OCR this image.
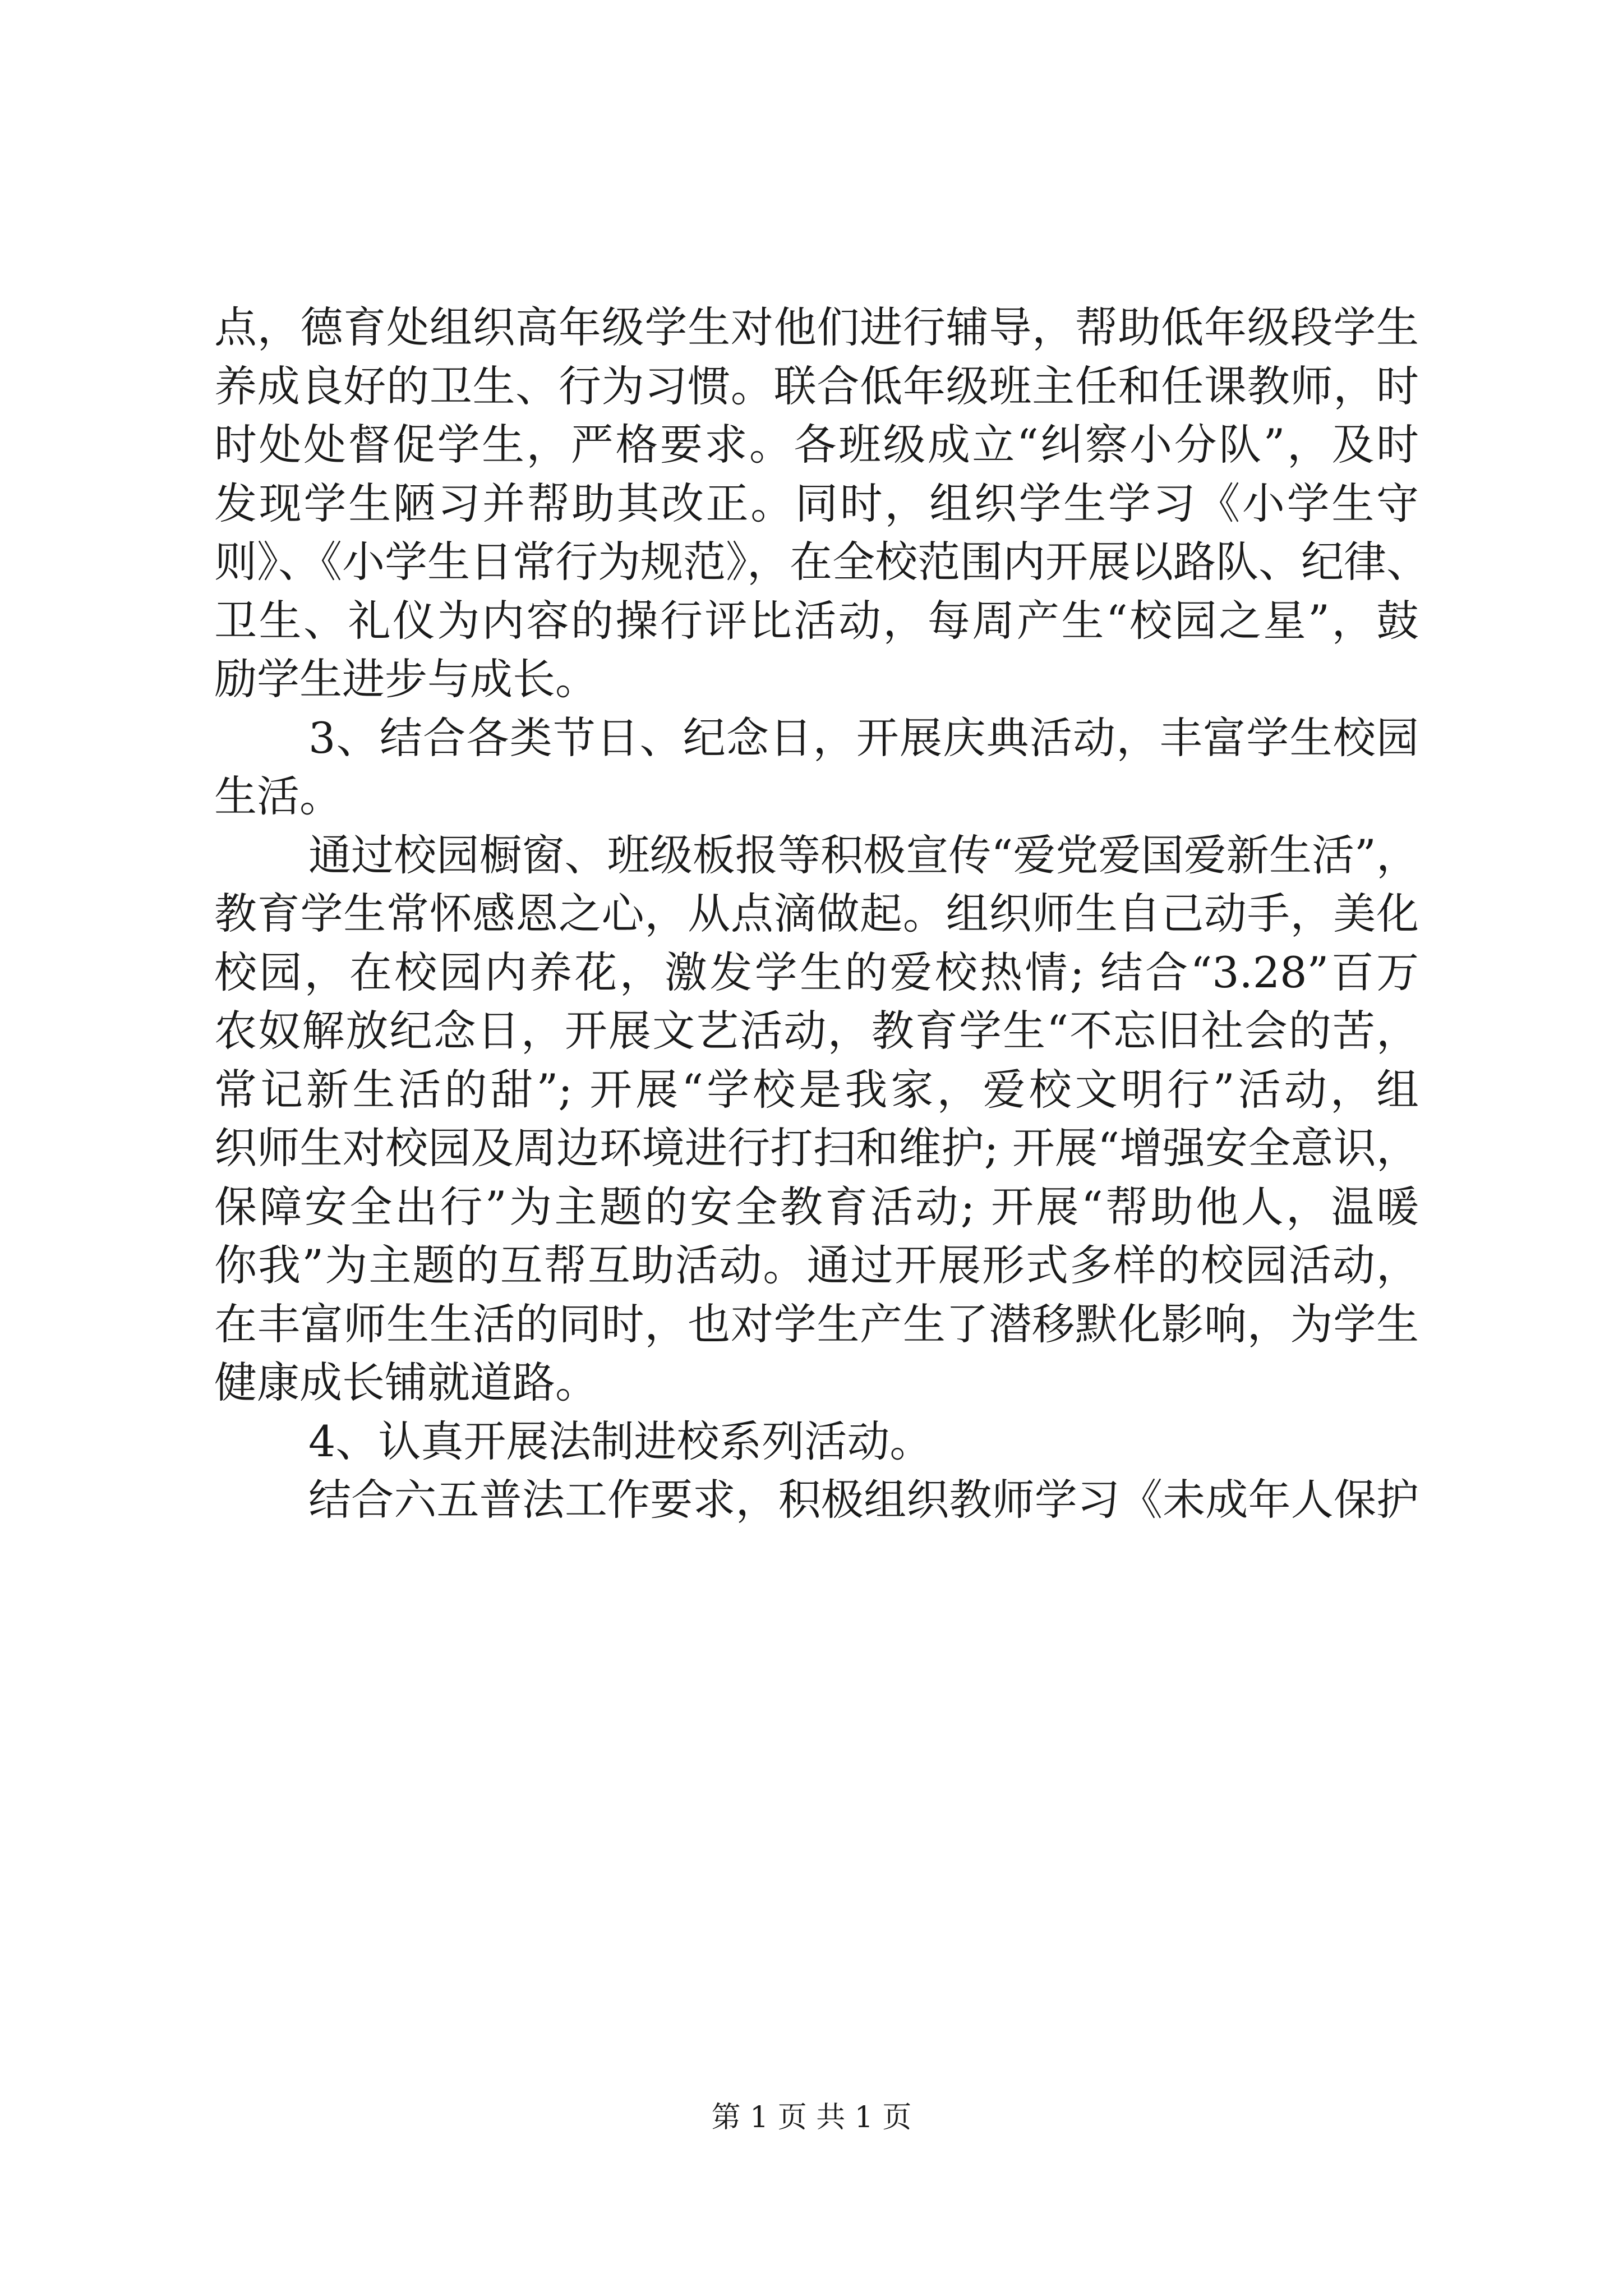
点，德育处组织高年级学生对他们进行辅导，帮助低年级段学生
养成良好的卫生、行为习惯。联合低年级班主任和任课教师，时
时处处督促学生，严格要求。各班级成立“纠察小分队”，及时
发现学生陋习并帮助其改正。同时，组织学生学习《小学生守
则》、《小学生日常行为规范》，在全校范围内开展以路队、纪律、
卫生、礼仪为内容的操行评比活动，每周产生“校园之星”，鼓
励学生进步与成长。
3、结合各类节日、纪念日，开展庆典活动，丰富学生校园
生活。
通过校园橱窗、班级板报等积极宣传“爱党爱国爱新生活”，
教育学生常怀感恩之心，从点滴做起。组织师生自己动手，美化
校园，在校园内养花，激发学生的爱校热情; 结合“3.28”百万
农奴解放纪念日，开展文艺活动，教育学生“不忘旧社会的苦，
常记新生活的甜”; 开展“学校是我家，爱校文明行”活动，组
织师生对校园及周边环境进行打扫和维护; 开展“增强安全意识，
保障安全出行”为主题的安全教育活动; 开展“帮助他人，温暖
你我”为主题的互帮互助活动。通过开展形式多样的校园活动，
在丰富师生生活的同时，也对学生产生了潜移默化影响，为学生
健康成长铺就道路。
4、认真开展法制进校系列活动。
结合六五普法工作要求，积极组织教师学习《未成年人保护
第 1 页 共 1 页
